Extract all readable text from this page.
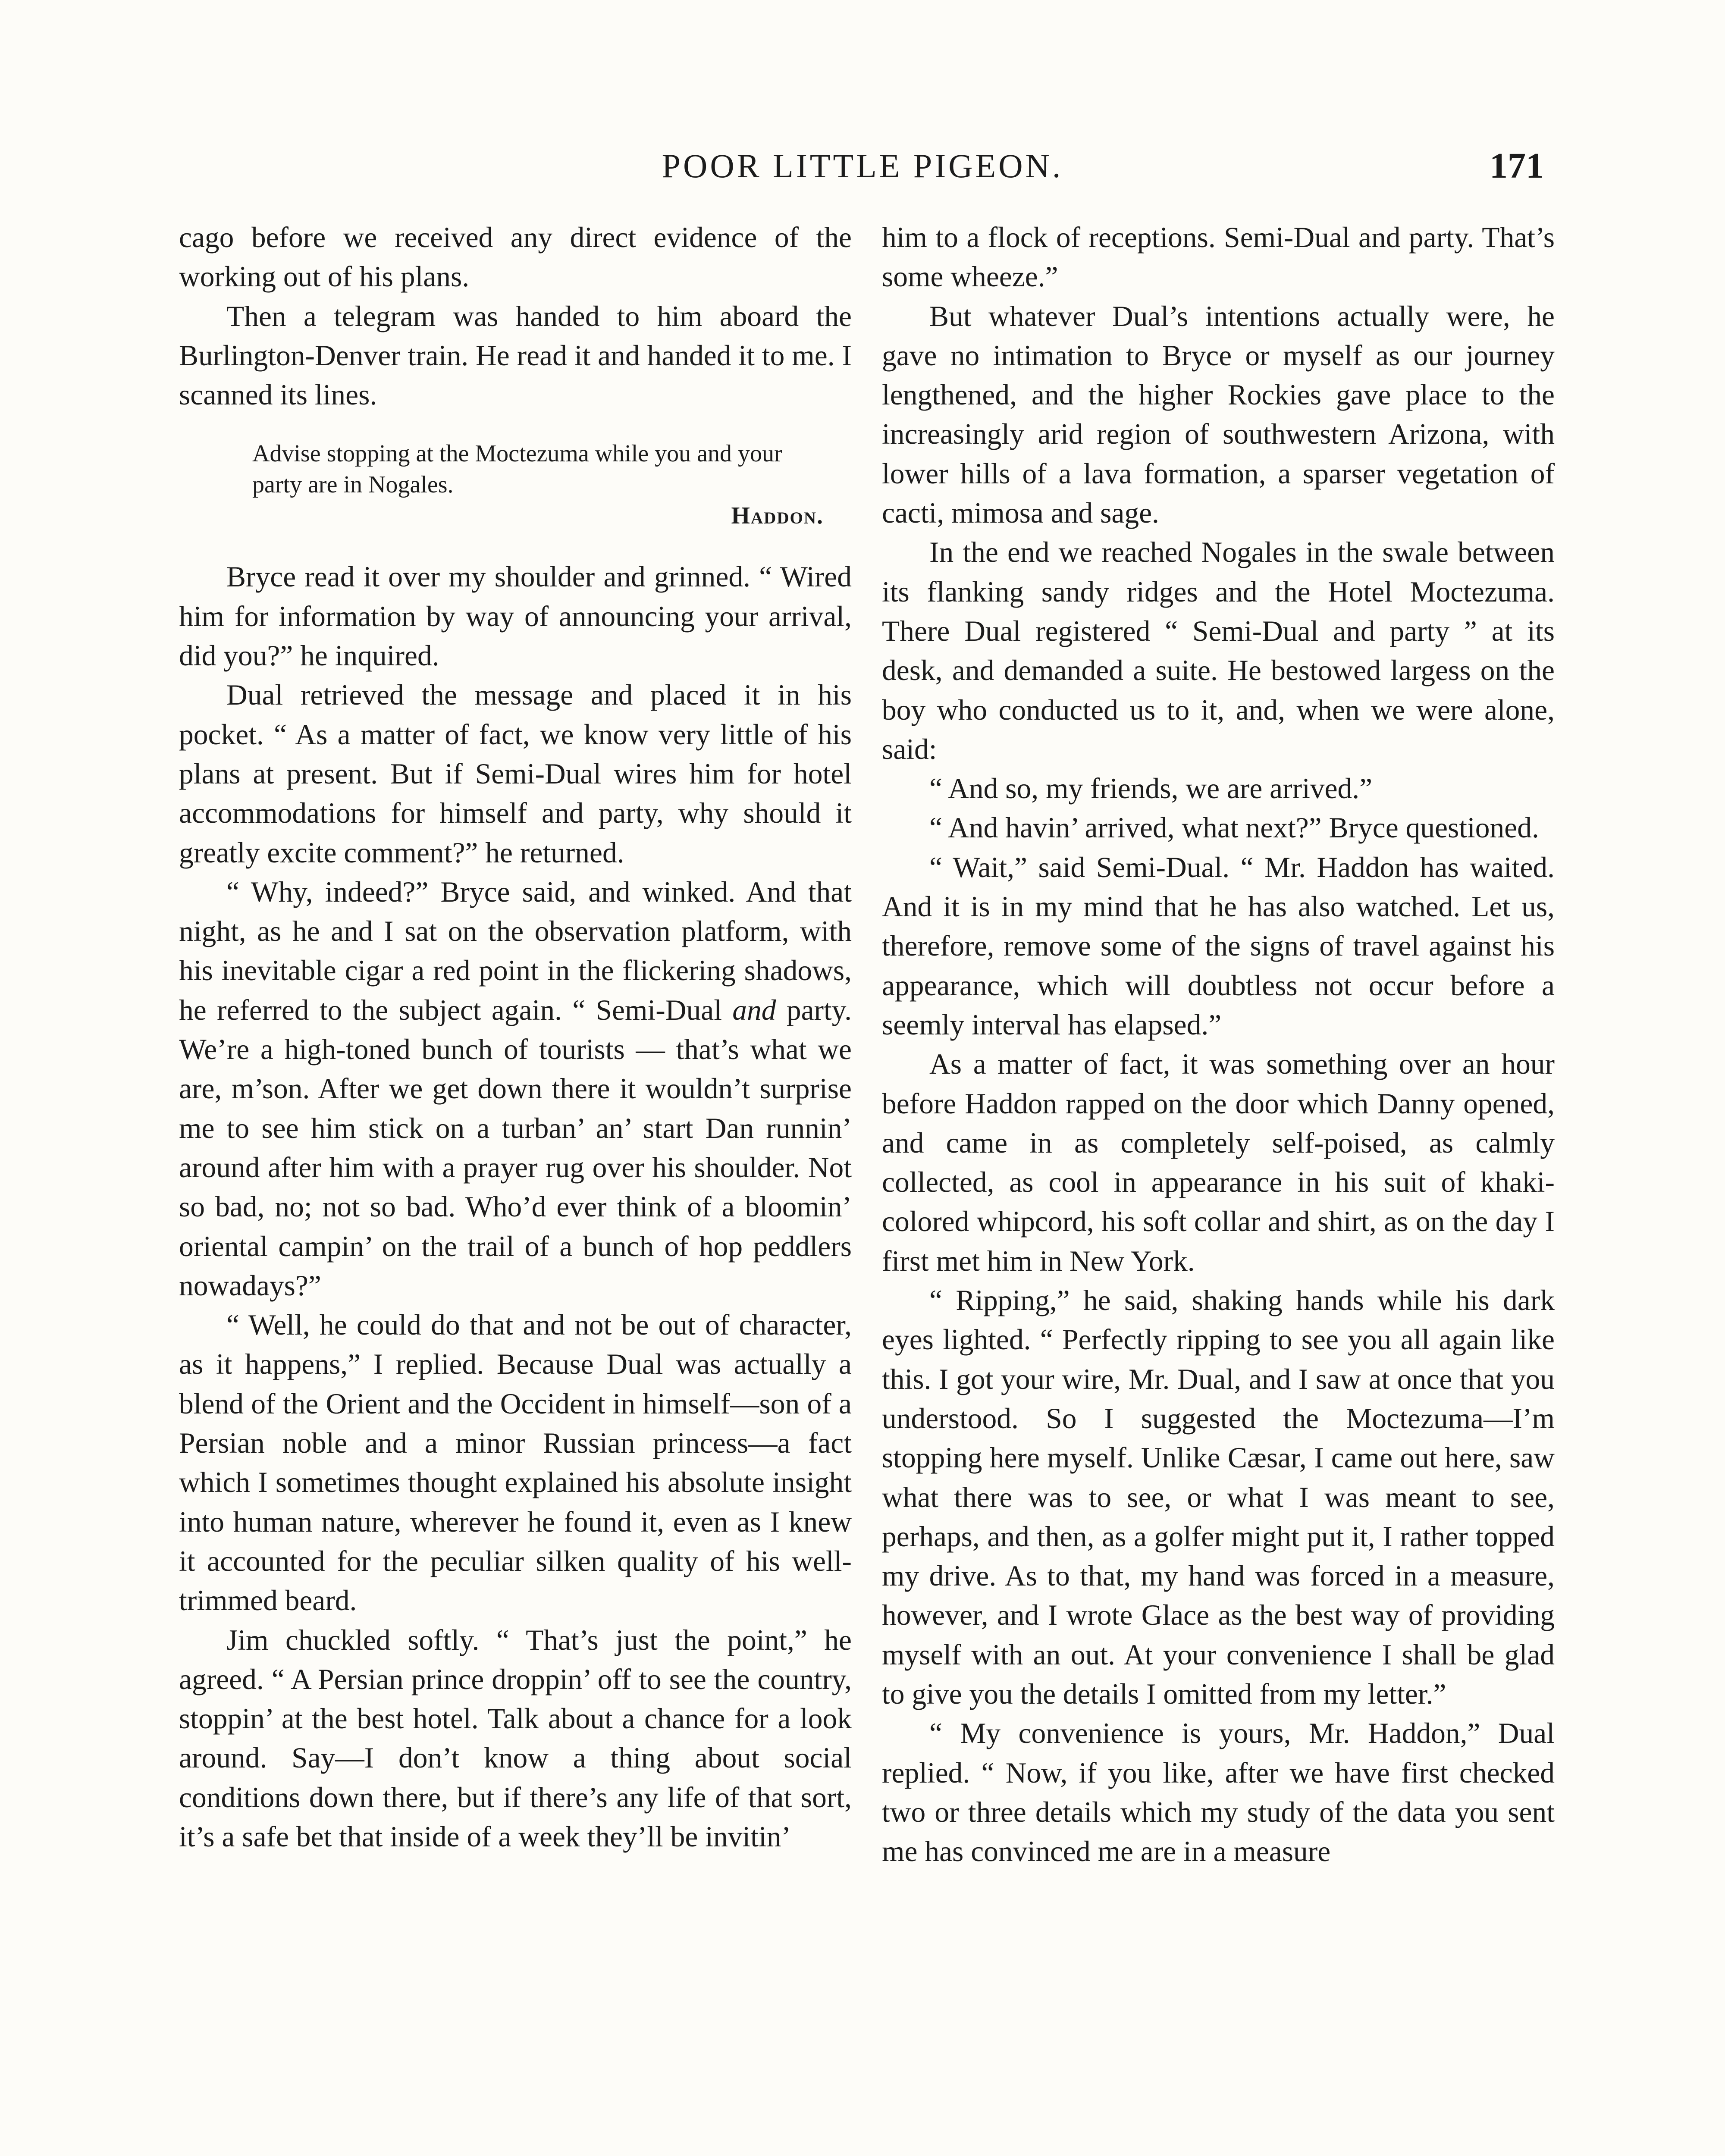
POOR LITTLE PIGEON.	171

cago before we received any direct evidence of the working out of his plans.

Then a telegram was handed to him aboard the Burlington-Denver train. He read it and handed it to me. I scanned its lines.

Advise stopping at the Moctezuma while you and your party are in Nogales.

Haddon.

Bryce read it over my shoulder and grinned. “ Wired him for information by way of announcing your arrival, did you?” he inquired.

Dual retrieved the message and placed it in his pocket. “ As a matter of fact, we know very little of his plans at present. But if Semi-Dual wires him for hotel accommodations for himself and party, why should it greatly excite comment?” he returned.

“ Why, indeed?” Bryce said, and winked. And that night, as he and I sat on the observation platform, with his inevitable cigar a red point in the flickering shadows, he referred to the subject again. “ Semi-Dual and party. We’re a high-toned bunch of tourists — that’s what we are, m’son. After we get down there it wouldn’t surprise me to see him stick on a turban’ an’ start Dan runnin’ around after him with a prayer rug over his shoulder. Not so bad, no; not so bad. Who’d ever think of a bloomin’ oriental campin’ on the trail of a bunch of hop peddlers nowadays?”

“ Well, he could do that and not be out of character, as it happens,” I replied. Because Dual was actually a blend of the Orient and the Occident in himself—son of a Persian noble and a minor Russian princess—a fact which I sometimes thought explained his absolute insight into human nature, wherever he found it, even as I knew it accounted for the peculiar silken quality of his well-trimmed beard.

Jim chuckled softly. “ That’s just the point,” he agreed. “ A Persian prince droppin’ off to see the country, stoppin’ at the best hotel. Talk about a chance for a look around. Say—I don’t know a thing about social conditions down there, but if there’s any life of that sort, it’s a safe bet that inside of a week they’ll be invitin’

him to a flock of receptions. Semi-Dual and party. That’s some wheeze.”

But whatever Dual’s intentions actually were, he gave no intimation to Bryce or myself as our journey lengthened, and the higher Rockies gave place to the increasingly arid region of southwestern Arizona, with lower hills of a lava formation, a sparser vegetation of cacti, mimosa and sage.

In the end we reached Nogales in the swale between its flanking sandy ridges and the Hotel Moctezuma. There Dual registered “ Semi-Dual and party ” at its desk, and demanded a suite. He bestowed largess on the boy who conducted us to it, and, when we were alone, said:

“ And so, my friends, we are arrived.”

“ And havin’ arrived, what next?” Bryce questioned.

“ Wait,” said Semi-Dual. “ Mr. Haddon has waited. And it is in my mind that he has also watched. Let us, therefore, remove some of the signs of travel against his appearance, which will doubtless not occur before a seemly interval has elapsed.”

As a matter of fact, it was something over an hour before Haddon rapped on the door which Danny opened, and came in as completely self-poised, as calmly collected, as cool in appearance in his suit of khaki-colored whipcord, his soft collar and shirt, as on the day I first met him in New York.

“ Ripping,” he said, shaking hands while his dark eyes lighted. “ Perfectly ripping to see you all again like this. I got your wire, Mr. Dual, and I saw at once that you understood. So I suggested the Moctezuma—I’m stopping here myself. Unlike Cæsar, I came out here, saw what there was to see, or what I was meant to see, perhaps, and then, as a golfer might put it, I rather topped my drive. As to that, my hand was forced in a measure, however, and I wrote Glace as the best way of providing myself with an out. At your convenience I shall be glad to give you the details I omitted from my letter.”

“ My convenience is yours, Mr. Haddon,” Dual replied. “ Now, if you like, after we have first checked two or three details which my study of the data you sent me has convinced me are in a measure
